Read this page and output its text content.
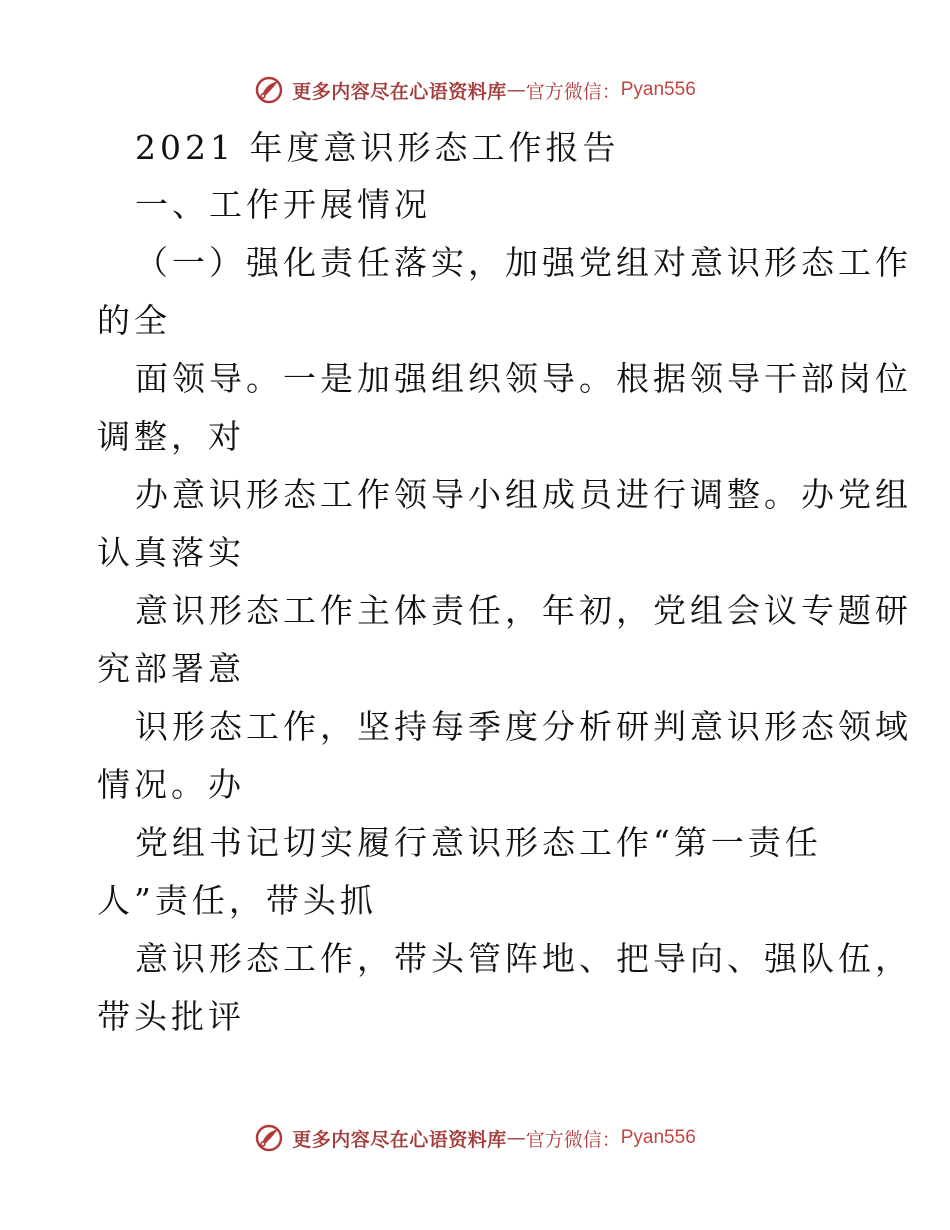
更多内容尽在心语资料库 — 官方微信： Pyan556
2021 年度意识形态工作报告
一、工作开展情况
（一）强化责任落实，加强党组对意识形态工作
的全
面领导。一是加强组织领导。根据领导干部岗位
调整，对
办意识形态工作领导小组成员进行调整。办党组
认真落实
意识形态工作主体责任，年初，党组会议专题研
究部署意
识形态工作，坚持每季度分析研判意识形态领域
情况。办
党组书记切实履行意识形态工作“第一责任
人”责任，带头抓
意识形态工作，带头管阵地、把导向、强队伍，
带头批评
更多内容尽在心语资料库 — 官方微信： Pyan556
